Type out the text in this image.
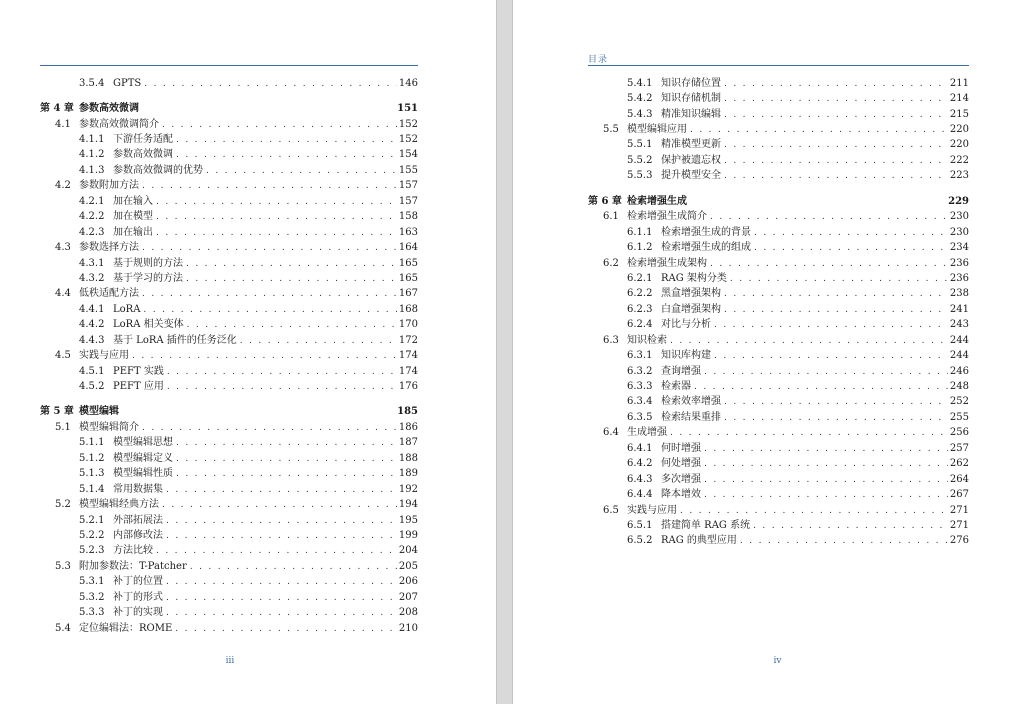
3.5.4 GPTS . . .	146
第 4 章 参数高效微调	151
4.1 参数高效微调简介 . . .	152
4.1.1 下游任务适配 . . .	152
4.1.2 参数高效微调 . . .	154
4.1.3 参数高效微调的优势 . . .	155
4.2 参数附加方法 . . .	157
4.2.1 加在输入 . . .	157
4.2.2 加在模型 . . .	158
4.2.3 加在输出 . . .	163
4.3 参数选择方法 . . .	164
4.3.1 基于规则的方法 . . .	165
4.3.2 基于学习的方法 . . .	165
4.4 低秩适配方法 . . .	167
4.4.1 LoRA . . .	168
4.4.2 LoRA 相关变体 . . .	170
4.4.3 基于 LoRA 插件的任务泛化 . . .	172
4.5 实践与应用 . . .	174
4.5.1 PEFT 实践 . . .	174
4.5.2 PEFT 应用 . . .	176
第 5 章 模型编辑	185
5.1 模型编辑简介 . . .	186
5.1.1 模型编辑思想 . . .	187
5.1.2 模型编辑定义 . . .	188
5.1.3 模型编辑性质 . . .	189
5.1.4 常用数据集 . . .	192
5.2 模型编辑经典方法 . . .	194
5.2.1 外部拓展法 . . .	195
5.2.2 内部修改法 . . .	199
5.2.3 方法比较 . . .	204
5.3 附加参数法：T-Patcher . . .	205
5.3.1 补丁的位置 . . .	206
5.3.2 补丁的形式 . . .	207
5.3.3 补丁的实现 . . .	208
5.4 定位编辑法：ROME . . .	210
iii
目录
5.4.1 知识存储位置 . . .	211
5.4.2 知识存储机制 . . .	214
5.4.3 精准知识编辑 . . .	215
5.5 模型编辑应用 . . .	220
5.5.1 精准模型更新 . . .	220
5.5.2 保护被遗忘权 . . .	222
5.5.3 提升模型安全 . . .	223
第 6 章 检索增强生成	229
6.1 检索增强生成简介 . . .	230
6.1.1 检索增强生成的背景 . . .	230
6.1.2 检索增强生成的组成 . . .	234
6.2 检索增强生成架构 . . .	236
6.2.1 RAG 架构分类 . . .	236
6.2.2 黑盒增强架构 . . .	238
6.2.3 白盒增强架构 . . .	241
6.2.4 对比与分析 . . .	243
6.3 知识检索 . . .	244
6.3.1 知识库构建 . . .	244
6.3.2 查询增强 . . .	246
6.3.3 检索器 . . .	248
6.3.4 检索效率增强 . . .	252
6.3.5 检索结果重排 . . .	255
6.4 生成增强 . . .	256
6.4.1 何时增强 . . .	257
6.4.2 何处增强 . . .	262
6.4.3 多次增强 . . .	264
6.4.4 降本增效 . . .	267
6.5 实践与应用 . . .	271
6.5.1 搭建简单 RAG 系统 . . .	271
6.5.2 RAG 的典型应用 . . .	276
iv
